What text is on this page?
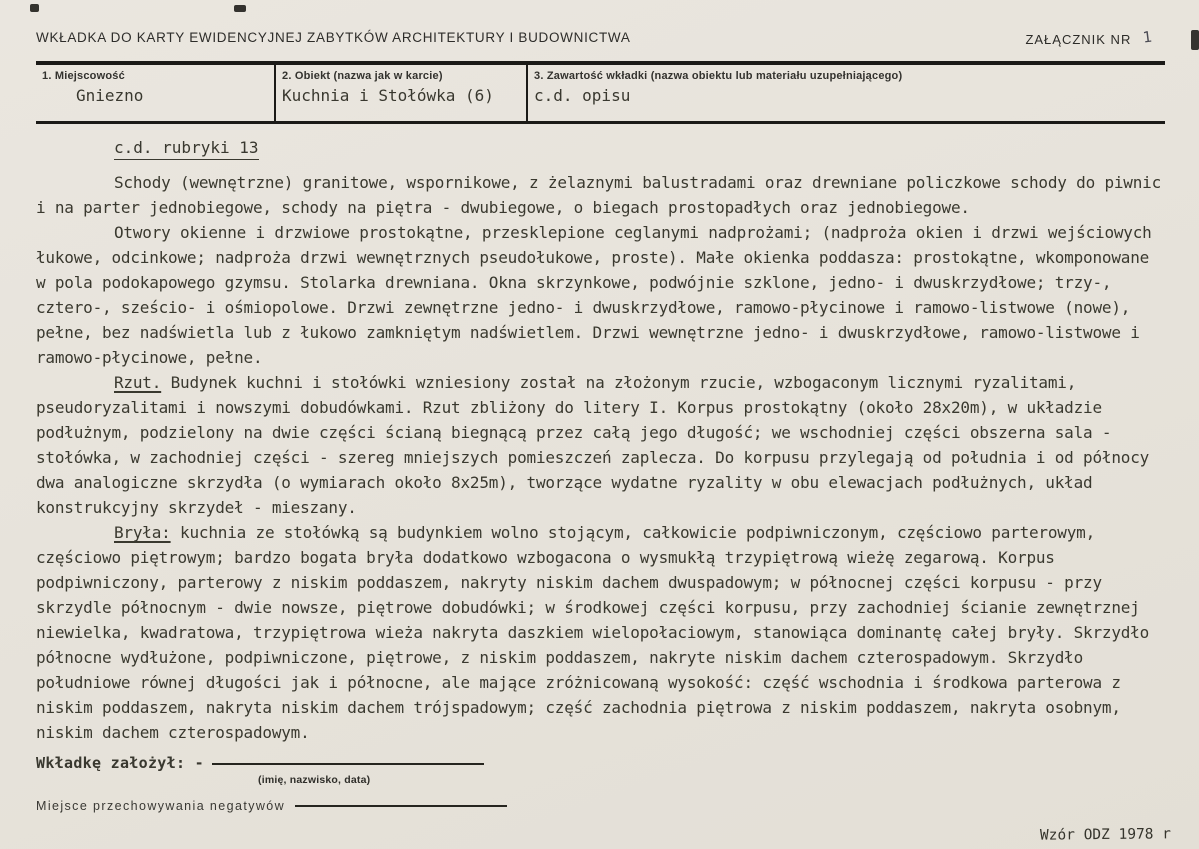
WKŁADKA DO KARTY EWIDENCYJNEJ ZABYTKÓW ARCHITEKTURY I BUDOWNICTWA	ZAŁĄCZNIK NR 1
1. Miejscowość
Gniezno
2. Obiekt (nazwa jak w karcie)
Kuchnia i Stołówka (6)
3. Zawartość wkładki (nazwa obiektu lub materiału uzupełniającego)
c.d. opisu
c.d. rubryki 13

Schody (wewnętrzne) granitowe, wspornikowe, z żelaznymi balustradami oraz drewniane policzkowe schody do piwnic i na parter jednobiegowe, schody na piętra - dwubiegowe, o biegach prostopadłych oraz jednobiegowe.

Otwory okienne i drzwiowe prostokątne, przesklepione ceglanymi nadprożami; (nadproża okien i drzwi wejściowych łukowe, odcinkowe; nadproża drzwi wewnętrznych pseudołukowe, proste). Małe okienka poddasza: prostokątne, wkomponowane w pola podokapowego gzymsu. Stolarka drewniana. Okna skrzynkowe, podwójnie szklone, jedno- i dwuskrzydłowe; trzy-, cztero-, sześcio- i ośmiopolowe. Drzwi zewnętrzne jedno- i dwuskrzydłowe, ramowo-płycinowe i ramowo-listwowe (nowe), pełne, bez nadświetla lub z łukowo zamkniętym nadświetlem. Drzwi wewnętrzne jedno- i dwuskrzydłowe, ramowo-listwowe i ramowo-płycinowe, pełne.

Rzut. Budynek kuchni i stołówki wzniesiony został na złożonym rzucie, wzbogaconym licznymi ryzalitami, pseudoryzalitami i nowszymi dobudówkami. Rzut zbliżony do litery I. Korpus prostokątny (około 28x20m), w układzie podłużnym, podzielony na dwie części ścianą biegnącą przez całą jego długość; we wschodniej części obszerna sala - stołówka, w zachodniej części - szereg mniejszych pomieszczeń zaplecza. Do korpusu przylegają od południa i od północy dwa analogiczne skrzydła (o wymiarach około 8x25m), tworzące wydatne ryzality w obu elewacjach podłużnych, układ konstrukcyjny skrzydeł - mieszany.

Bryła: kuchnia ze stołówką są budynkiem wolno stojącym, całkowicie podpiwniczonym, częściowo parterowym, częściowo piętrowym; bardzo bogata bryła dodatkowo wzbogacona o wysmukłą trzypiętrową wieżę zegarową. Korpus podpiwniczony, parterowy z niskim poddaszem, nakryty niskim dachem dwuspadowym; w północnej części korpusu - przy skrzydle północnym - dwie nowsze, piętrowe dobudówki; w środkowej części korpusu, przy zachodniej ścianie zewnętrznej niewielka, kwadratowa, trzypiętrowa wieża nakryta daszkiem wielopołaciowym, stanowiąca dominantę całej bryły. Skrzydło północne wydłużone, podpiwniczone, piętrowe, z niskim poddaszem, nakryte niskim dachem czterospadowym. Skrzydło południowe równej długości jak i północne, ale mające zróżnicowaną wysokość: część wschodnia i środkowa parterowa z niskim poddaszem, nakryta niskim dachem trójspadowym; część zachodnia piętrowa z niskim poddaszem, nakryta osobnym, niskim dachem czterospadowym.

Wkładkę założył: -
(imię, nazwisko, data)
Miejsce przechowywania negatywów
Wzór ODZ 1978 r
